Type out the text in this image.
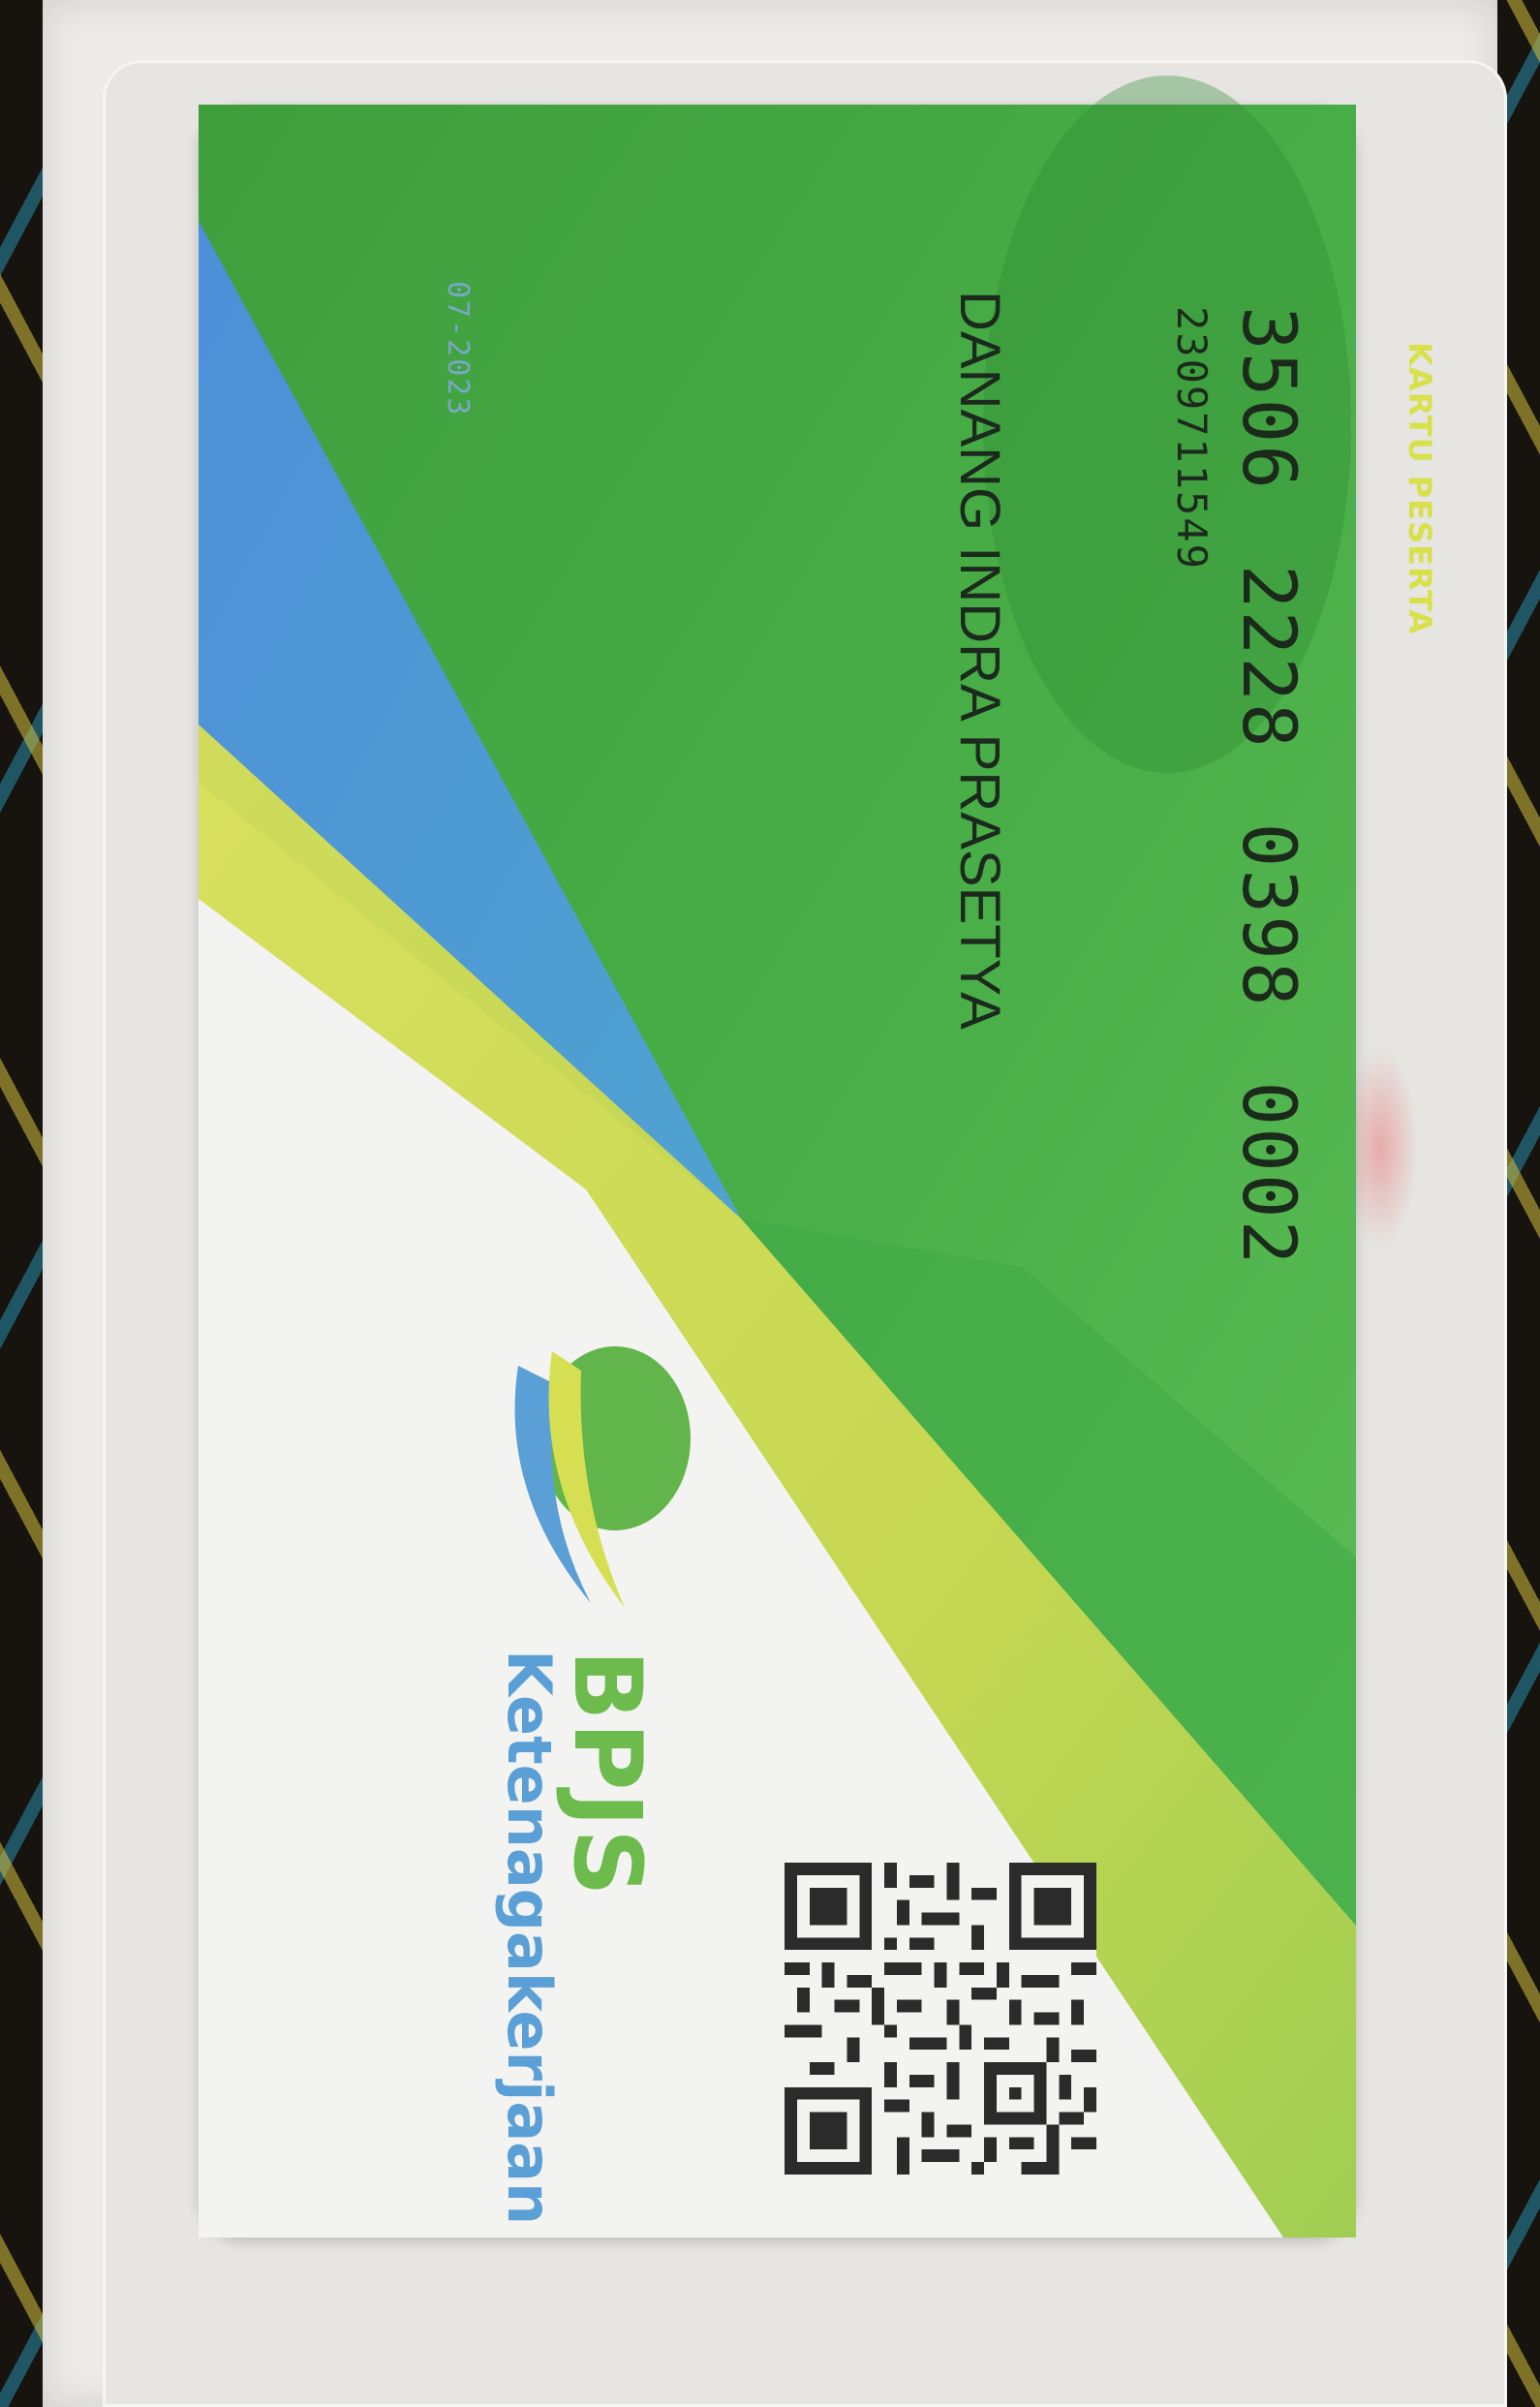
KARTU PESERTA

3506 2228 0398 0002

2309711549

DANANG INDRA PRASETYA

07-2023

BPJS

Ketenagakerjaan
